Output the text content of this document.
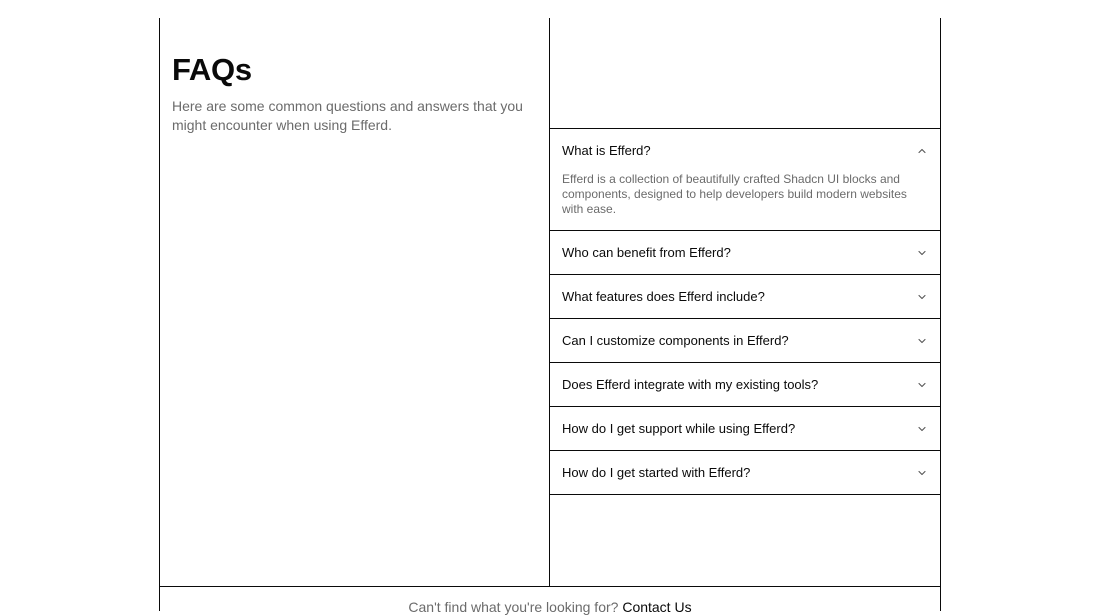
FAQs

Here are some common questions and answers that you might encounter when using Efferd.

What is Efferd?
Efferd is a collection of beautifully crafted Shadcn UI blocks and components, designed to help developers build modern websites with ease.
Who can benefit from Efferd?
What features does Efferd include?
Can I customize components in Efferd?
Does Efferd integrate with my existing tools?
How do I get support while using Efferd?
How do I get started with Efferd?
Can't find what you're looking for? Contact Us
